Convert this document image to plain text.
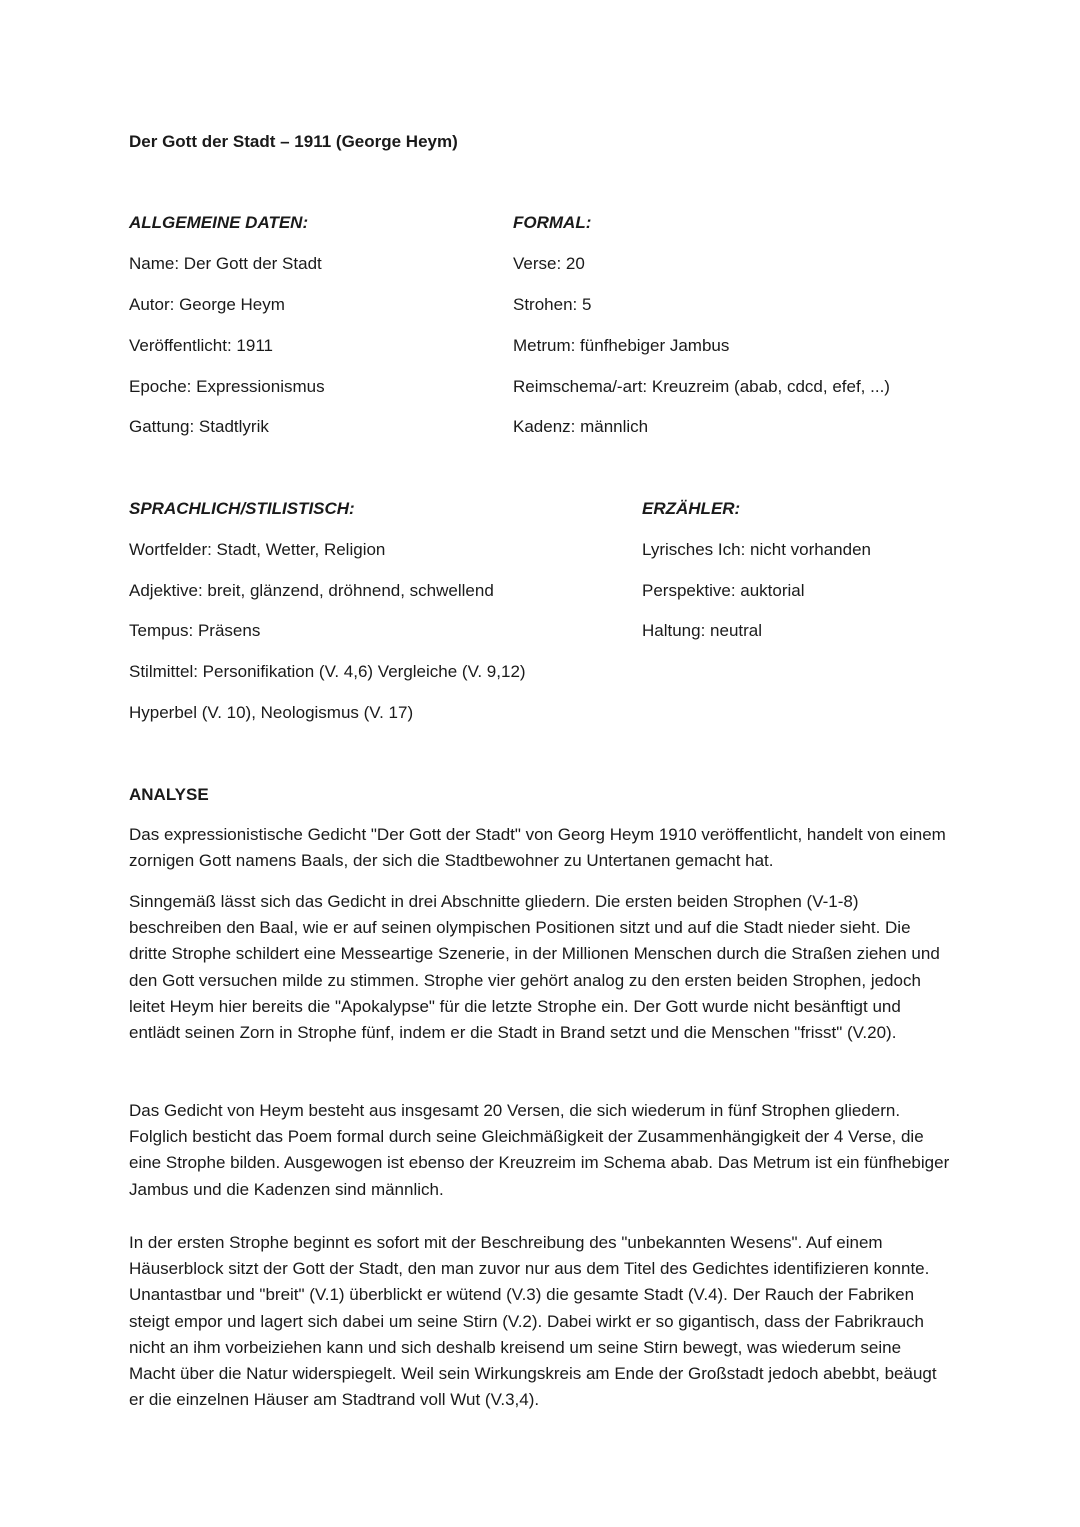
Der Gott der Stadt – 1911 (George Heym)
ALLGEMEINE DATEN:
Name: Der Gott der Stadt
Autor: George Heym
Veröffentlicht: 1911
Epoche: Expressionismus
Gattung: Stadtlyrik
FORMAL:
Verse: 20
Strohen: 5
Metrum: fünfhebiger Jambus
Reimschema/-art: Kreuzreim (abab, cdcd, efef, ...)
Kadenz: männlich
SPRACHLICH/STILISTISCH:
Wortfelder: Stadt, Wetter, Religion
Adjektive: breit, glänzend, dröhnend, schwellend
Tempus: Präsens
Stilmittel: Personifikation (V. 4,6) Vergleiche (V. 9,12)
Hyperbel (V. 10), Neologismus (V. 17)
ERZÄHLER:
Lyrisches Ich: nicht vorhanden
Perspektive: auktorial
Haltung: neutral
ANALYSE

Das expressionistische Gedicht "Der Gott der Stadt" von Georg Heym 1910 veröffentlicht, handelt von einem zornigen Gott namens Baals, der sich die Stadtbewohner zu Untertanen gemacht hat.

Sinngemäß lässt sich das Gedicht in drei Abschnitte gliedern. Die ersten beiden Strophen (V-1-8) beschreiben den Baal, wie er auf seinen olympischen Positionen sitzt und auf die Stadt nieder sieht. Die dritte Strophe schildert eine Messeartige Szenerie, in der Millionen Menschen durch die Straßen ziehen und den Gott versuchen milde zu stimmen. Strophe vier gehört analog zu den ersten beiden Strophen, jedoch leitet Heym hier bereits die "Apokalypse" für die letzte Strophe ein. Der Gott wurde nicht besänftigt und entlädt seinen Zorn in Strophe fünf, indem er die Stadt in Brand setzt und die Menschen "frisst" (V.20).

Das Gedicht von Heym besteht aus insgesamt 20 Versen, die sich wiederum in fünf Strophen gliedern. Folglich besticht das Poem formal durch seine Gleichmäßigkeit der Zusammenhängigkeit der 4 Verse, die eine Strophe bilden. Ausgewogen ist ebenso der Kreuzreim im Schema abab. Das Metrum ist ein fünfhebiger Jambus und die Kadenzen sind männlich.

In der ersten Strophe beginnt es sofort mit der Beschreibung des "unbekannten Wesens". Auf einem Häuserblock sitzt der Gott der Stadt, den man zuvor nur aus dem Titel des Gedichtes identifizieren konnte. Unantastbar und "breit" (V.1) überblickt er wütend (V.3) die gesamte Stadt (V.4). Der Rauch der Fabriken steigt empor und lagert sich dabei um seine Stirn (V.2). Dabei wirkt er so gigantisch, dass der Fabrikrauch nicht an ihm vorbeiziehen kann und sich deshalb kreisend um seine Stirn bewegt, was wiederum seine Macht über die Natur widerspiegelt. Weil sein Wirkungskreis am Ende der Großstadt jedoch abebbt, beäugt er die einzelnen Häuser am Stadtrand voll Wut (V.3,4).
